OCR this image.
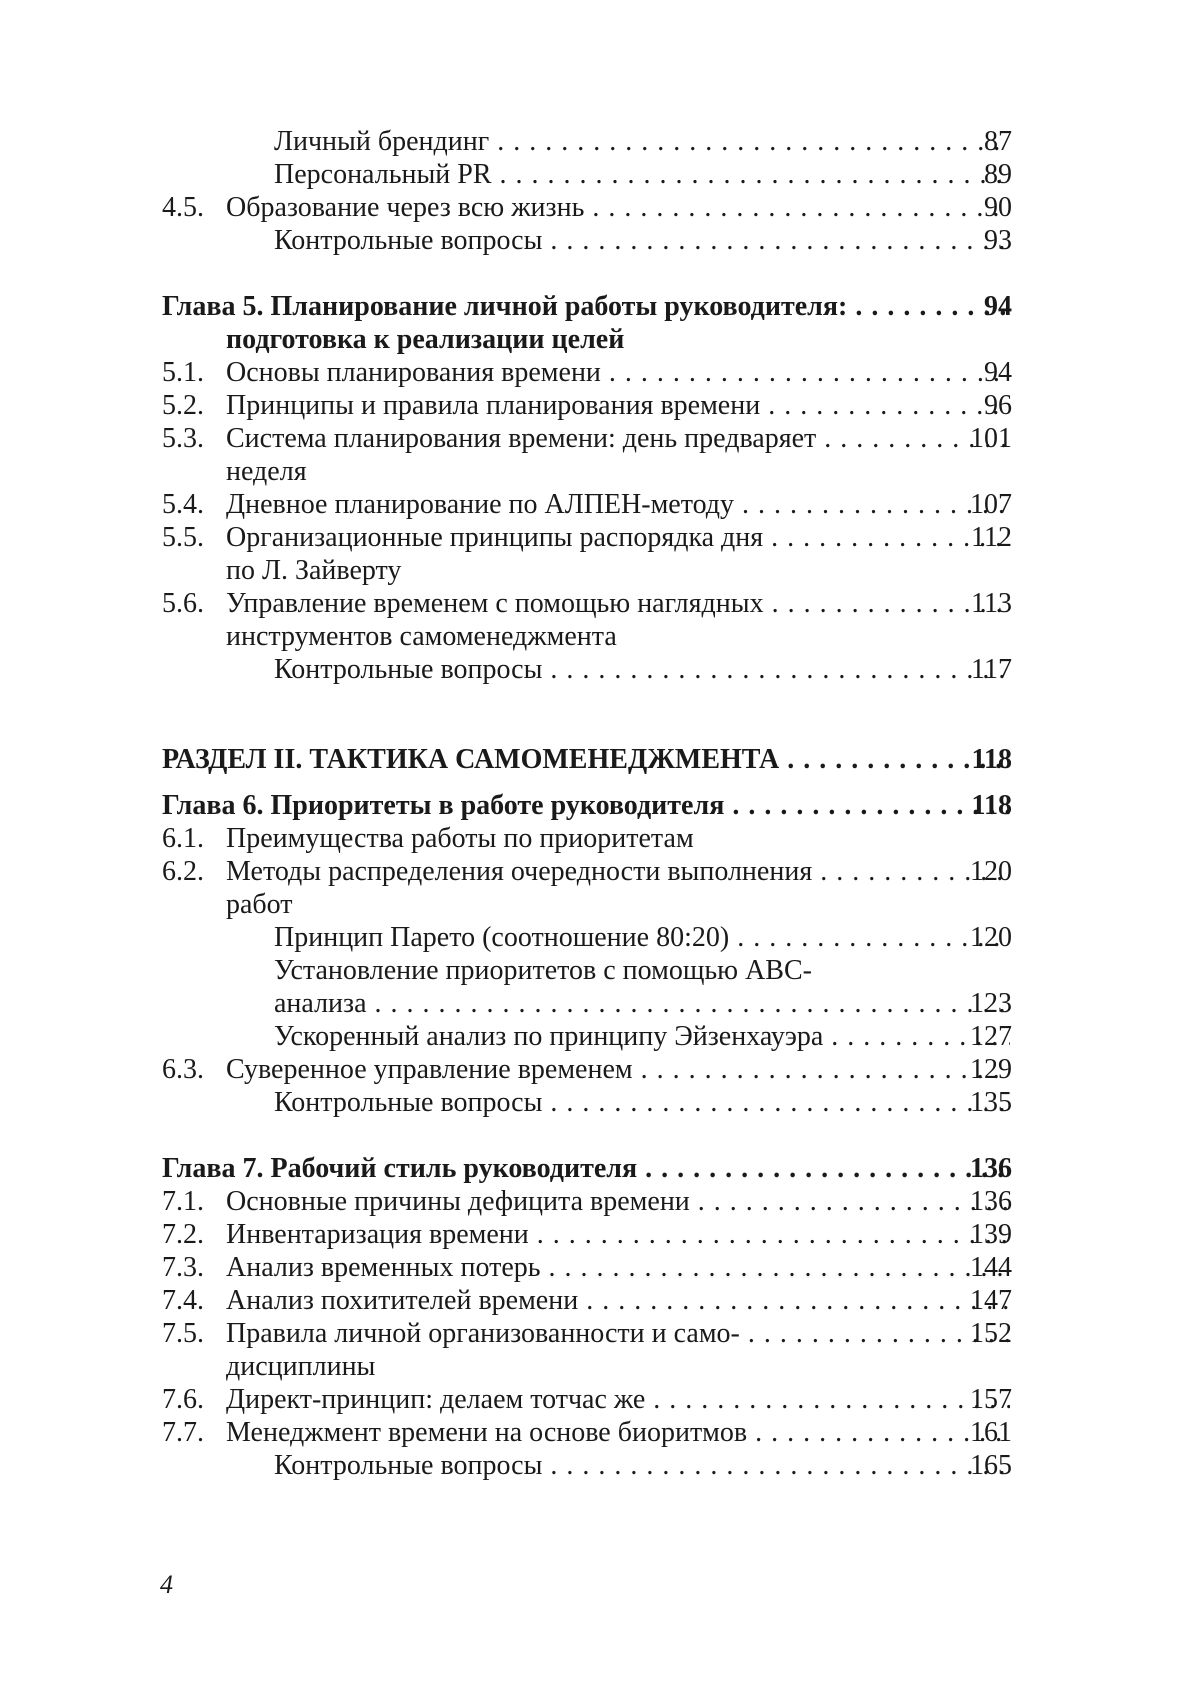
Личный брендинг . . .	87
Персональный PR . . .	89
4.5. Образование через всю жизнь . . .	90
Контрольные вопросы . . .	93
Глава 5. Планирование личной работы руководителя: . . .	94
подготовка к реализации целей
5.1. Основы планирования времени . . .	94
5.2. Принципы и правила планирования времени . . .	96
5.3. Система планирования времени: день предваряет . . .	101
неделя
5.4. Дневное планирование по АЛПЕН-методу . . .	107
5.5. Организационные принципы распорядка дня . . .	112
по Л. Зайверту
5.6. Управление временем с помощью наглядных . . .	113
инструментов самоменеджмента
Контрольные вопросы . . .	117
РАЗДЕЛ II. ТАКТИКА САМОМЕНЕДЖМЕНТА . . .	118
Глава 6. Приоритеты в работе руководителя . . .	118
6.1. Преимущества работы по приоритетам
6.2. Методы распределения очередности выполнения . . .	120
работ
Принцип Парето (соотношение 80:20) . . .	120
Установление приоритетов с помощью АВС-
анализа . . .	123
Ускоренный анализ по принципу Эйзенхауэра . . .	127
6.3. Суверенное управление временем . . .	129
Контрольные вопросы . . .	135
Глава 7. Рабочий стиль руководителя . . .	136
7.1. Основные причины дефицита времени . . .	136
7.2. Инвентаризация времени . . .	139
7.3. Анализ временных потерь . . .	144
7.4. Анализ похитителей времени . . .	147
7.5. Правила личной организованности и само- . . .	152
дисциплины
7.6. Директ-принцип: делаем тотчас же . . .	157
7.7. Менеджмент времени на основе биоритмов . . .	161
Контрольные вопросы . . .	165
4
